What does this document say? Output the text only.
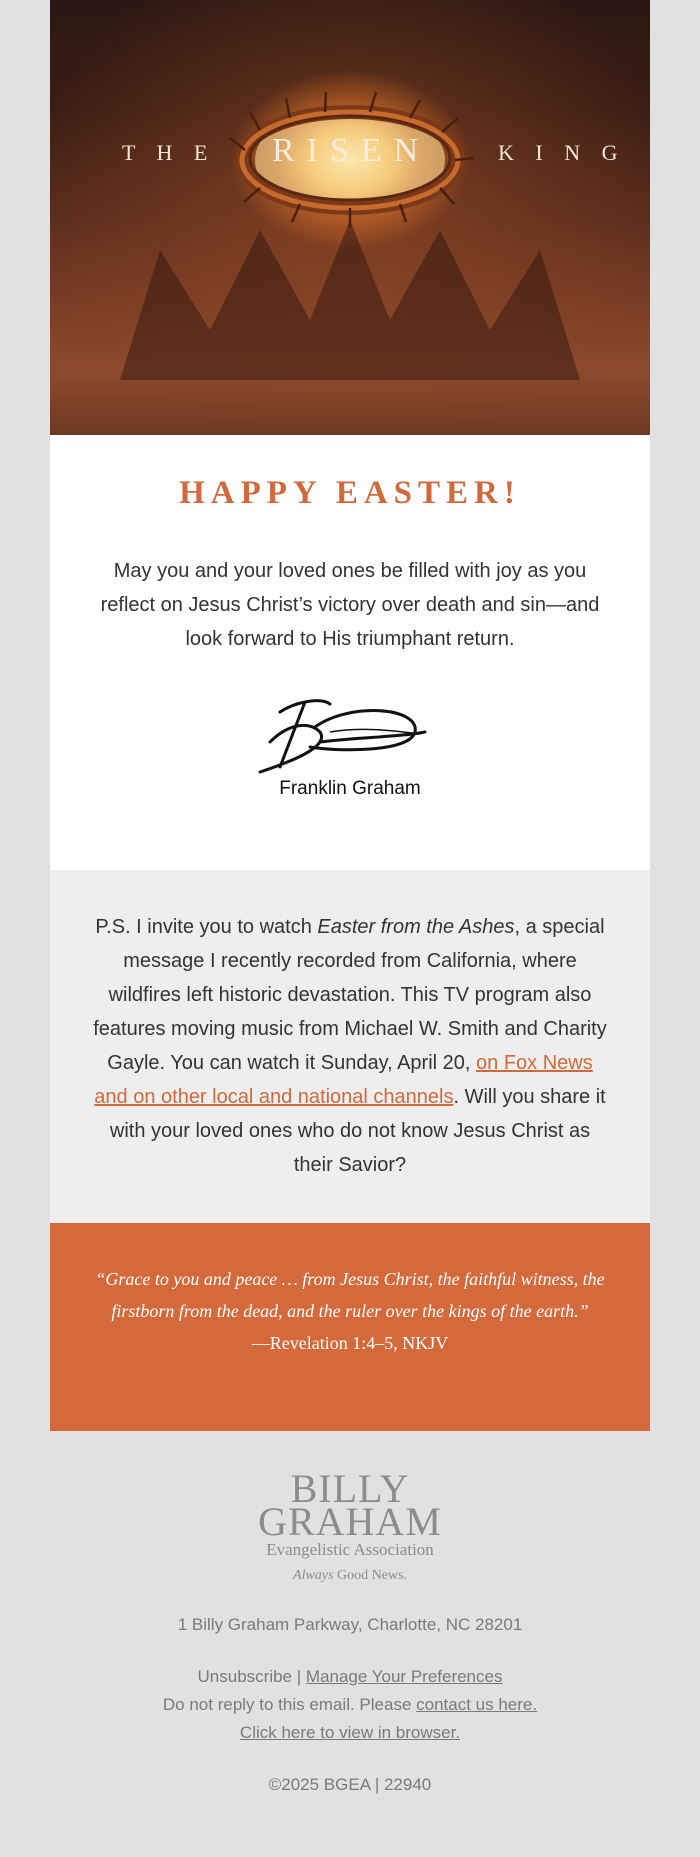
T H E RISEN	K I N G
HAPPY EASTER!

May you and your loved ones be filled with joy as you reflect on Jesus Christ’s victory over death and sin—and look forward to His triumphant return.

Franklin Graham
P.S. I invite you to watch Easter from the Ashes, a special message I recently recorded from California, where wildfires left historic devastation. This TV program also features moving music from Michael W. Smith and Charity Gayle. You can watch it Sunday, April 20, on Fox News and on other local and national channels. Will you share it with your loved ones who do not know Jesus Christ as their Savior?
“Grace to you and peace … from Jesus Christ, the faithful witness, the firstborn from the dead, and the ruler over the kings of the earth.”
—Revelation 1:4–5, NKJV
BILLY
GRAHAM
Evangelistic Association
Always Good News.
1 Billy Graham Parkway, Charlotte, NC 28201
Unsubscribe | Manage Your Preferences
Do not reply to this email. Please contact us here.
Click here to view in browser.
©2025 BGEA | 22940
